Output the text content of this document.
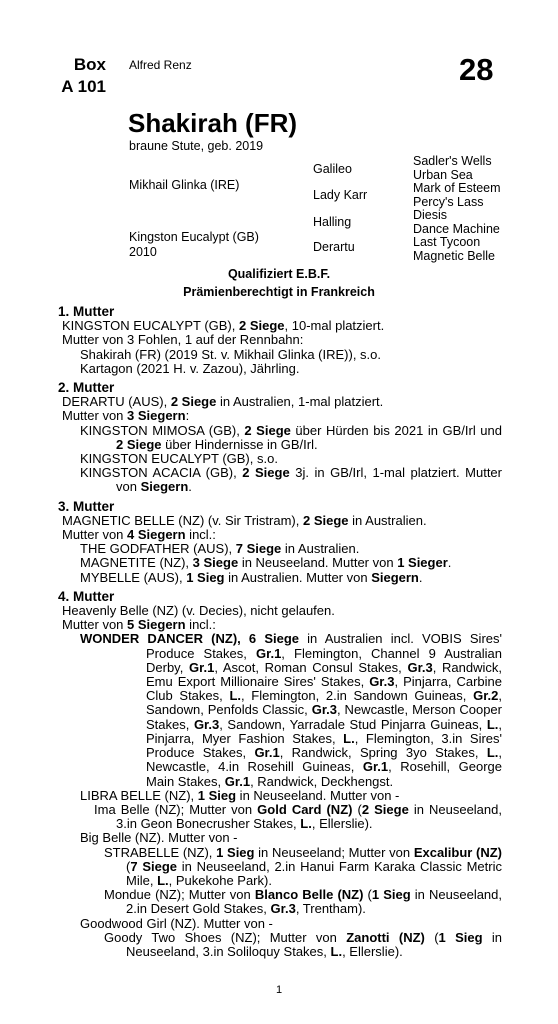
Box
A 101
Alfred Renz	28
Shakirah (FR)
braune Stute, geb. 2019
Mikhail Glinka (IRE)
Kingston Eucalypt (GB)
2010
Galileo
Lady Karr
Halling
Derartu
Sadler's Wells
Urban Sea
Mark of Esteem
Percy's Lass
Diesis
Dance Machine
Last Tycoon
Magnetic Belle
Qualifiziert E.B.F.
Prämienberechtigt in Frankreich
1. Mutter
KINGSTON EUCALYPT (GB), 2 Siege, 10-mal platziert.
Mutter von 3 Fohlen, 1 auf der Rennbahn:
Shakirah (FR) (2019 St. v. Mikhail Glinka (IRE)), s.o.
Kartagon (2021 H. v. Zazou), Jährling.
2. Mutter
DERARTU (AUS), 2 Siege in Australien, 1-mal platziert.
Mutter von 3 Siegern:
KINGSTON MIMOSA (GB), 2 Siege über Hürden bis 2021 in GB/Irl und 2 Siege über Hindernisse in GB/Irl.
KINGSTON EUCALYPT (GB), s.o.
KINGSTON ACACIA (GB), 2 Siege 3j. in GB/Irl, 1-mal platziert. Mutter von Siegern.
3. Mutter
MAGNETIC BELLE (NZ) (v. Sir Tristram), 2 Siege in Australien.
Mutter von 4 Siegern incl.:
THE GODFATHER (AUS), 7 Siege in Australien.
MAGNETITE (NZ), 3 Siege in Neuseeland. Mutter von 1 Sieger.
MYBELLE (AUS), 1 Sieg in Australien. Mutter von Siegern.
4. Mutter
Heavenly Belle (NZ) (v. Decies), nicht gelaufen.
Mutter von 5 Siegern incl.:
WONDER DANCER (NZ), 6 Siege in Australien incl. VOBIS Sires' Produce Stakes, Gr.1, Flemington, Channel 9 Australian Derby, Gr.1, Ascot, Roman Consul Stakes, Gr.3, Randwick, Emu Export Millionaire Sires' Stakes, Gr.3, Pinjarra, Carbine Club Stakes, L., Flemington, 2.in Sandown Guineas, Gr.2, Sandown, Penfolds Classic, Gr.3, Newcastle, Merson Cooper Stakes, Gr.3, Sandown, Yarradale Stud Pinjarra Guineas, L., Pinjarra, Myer Fashion Stakes, L., Flemington, 3.in Sires' Produce Stakes, Gr.1, Randwick, Spring 3yo Stakes, L., Newcastle, 4.in Rosehill Guineas, Gr.1, Rosehill, George Main Stakes, Gr.1, Randwick, Deckhengst.
LIBRA BELLE (NZ), 1 Sieg in Neuseeland. Mutter von -
Ima Belle (NZ); Mutter von Gold Card (NZ) (2 Siege in Neuseeland, 3.in Geon Bonecrusher Stakes, L., Ellerslie).
Big Belle (NZ). Mutter von -
STRABELLE (NZ), 1 Sieg in Neuseeland; Mutter von Excalibur (NZ) (7 Siege in Neuseeland, 2.in Hanui Farm Karaka Classic Metric Mile, L., Pukekohe Park).
Mondue (NZ); Mutter von Blanco Belle (NZ) (1 Sieg in Neuseeland, 2.in Desert Gold Stakes, Gr.3, Trentham).
Goodwood Girl (NZ). Mutter von -
Goody Two Shoes (NZ); Mutter von Zanotti (NZ) (1 Sieg in Neuseeland, 3.in Soliloquy Stakes, L., Ellerslie).
1
